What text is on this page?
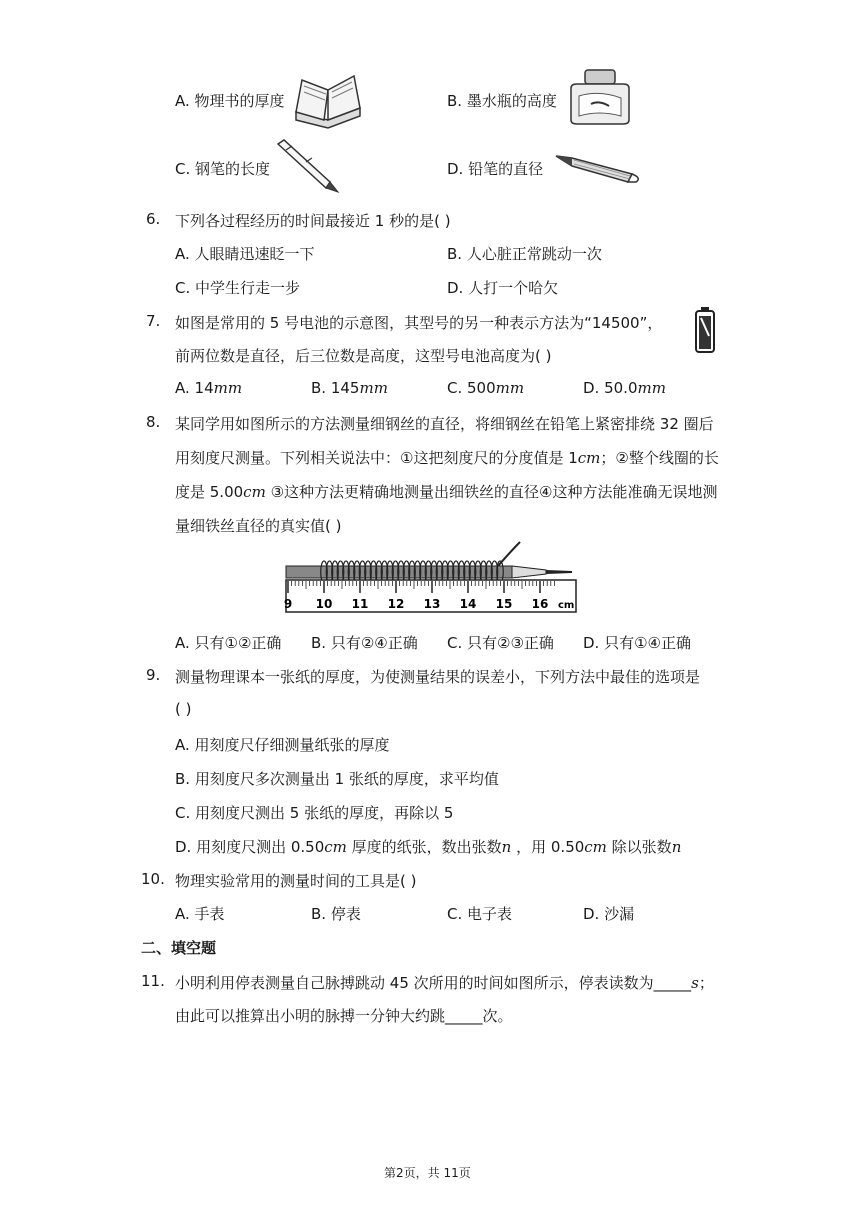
A. 物理书的厚度	B. 墨水瓶的高度
C. 钢笔的长度	D. 铅笔的直径
6. 下列各过程经历的时间最接近 1 秒的是( )
A. 人眼睛迅速眨一下	B. 人心脏正常跳动一次
C. 中学生行走一步	D. 人打一个哈欠
7. 如图是常用的 5 号电池的示意图，其型号的另一种表示方法为“14500”，
前两位数是直径，后三位数是高度，这型号电池高度为( )
A. 14mm	B. 145mm	C. 500mm	D. 50.0mm
8. 某同学用如图所示的方法测量细钢丝的直径，将细钢丝在铅笔上紧密排绕 32 圈后
用刻度尺测量。下列相关说法中：①这把刻度尺的分度值是 1cm；②整个线圈的长
度是 5.00cm ③这种方法更精确地测量出细铁丝的直径④这种方法能准确无误地测
量细铁丝直径的真实值( )
9 10 11 12 13 14 15 16 cm
A. 只有①②正确 B. 只有②④正确 C. 只有②③正确 D. 只有①④正确
9. 测量物理课本一张纸的厚度，为使测量结果的误差小，下列方法中最佳的选项是
( )
A. 用刻度尺仔细测量纸张的厚度
B. 用刻度尺多次测量出 1 张纸的厚度，求平均值
C. 用刻度尺测出 5 张纸的厚度，再除以 5
D. 用刻度尺测出 0.50cm 厚度的纸张，数出张数n ，用 0.50cm 除以张数n
10. 物理实验常用的测量时间的工具是( )
A. 手表	B. 停表	C. 电子表	D. 沙漏
二、填空题
11. 小明利用停表测量自己脉搏跳动 45 次所用的时间如图所示，停表读数为_____s；
由此可以推算出小明的脉搏一分钟大约跳_____次。
第2页，共 11页
